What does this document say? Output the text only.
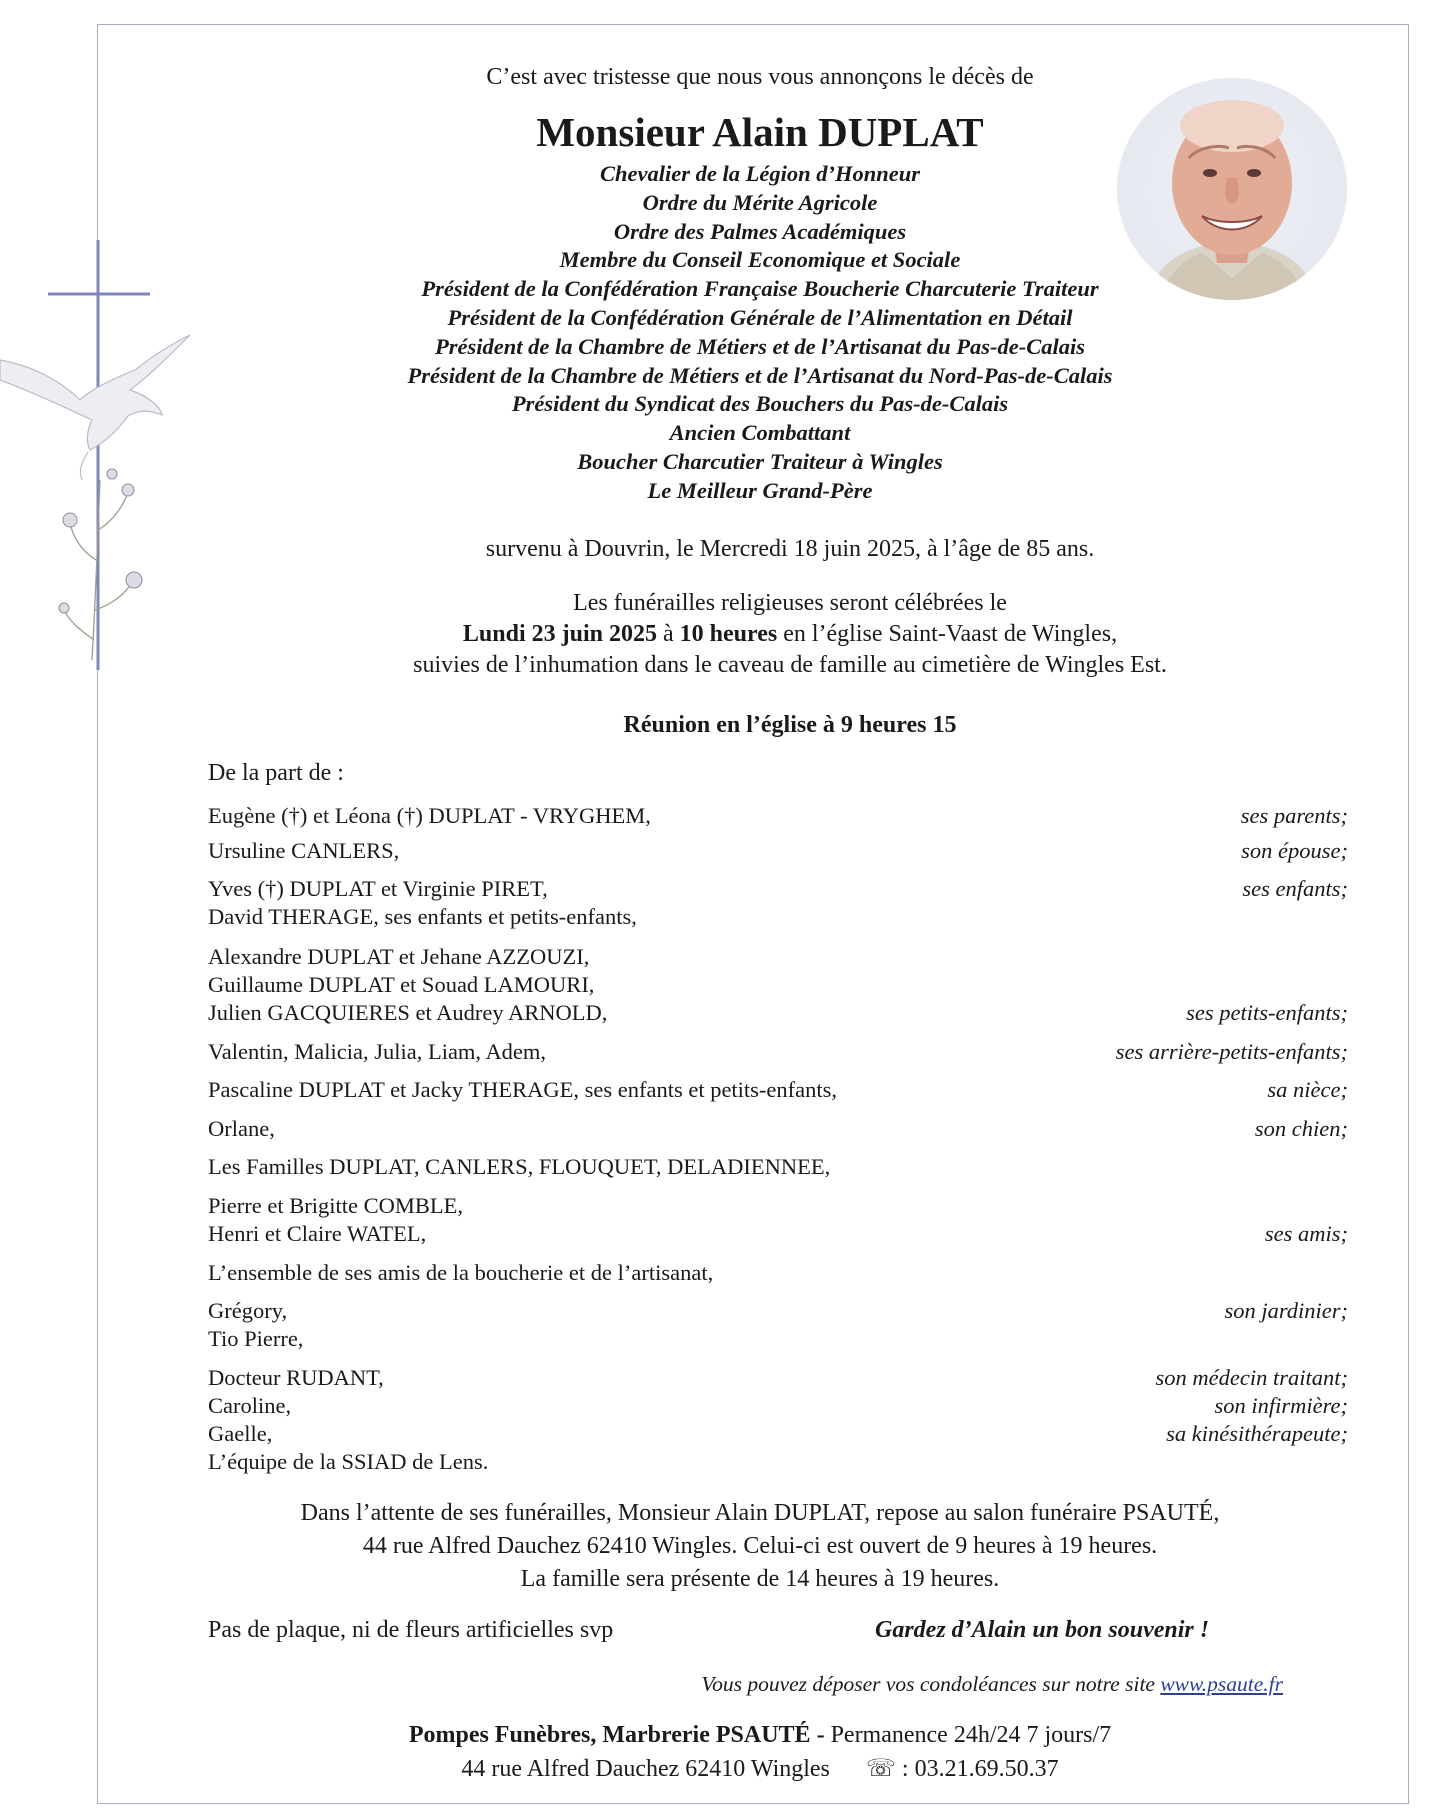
C’est avec tristesse que nous vous annonçons le décès de
Monsieur Alain DUPLAT
Chevalier de la Légion d’Honneur
Ordre du Mérite Agricole
Ordre des Palmes Académiques
Membre du Conseil Economique et Sociale
Président de la Confédération Française Boucherie Charcuterie Traiteur
Président de la Confédération Générale de l’Alimentation en Détail
Président de la Chambre de Métiers et de l’Artisanat du Pas-de-Calais
Président de la Chambre de Métiers et de l’Artisanat du Nord-Pas-de-Calais
Président du Syndicat des Bouchers du Pas-de-Calais
Ancien Combattant
Boucher Charcutier Traiteur à Wingles
Le Meilleur Grand-Père
survenu à Douvrin, le Mercredi 18 juin 2025, à l’âge de 85 ans.
Les funérailles religieuses seront célébrées le
Lundi 23 juin 2025 à 10 heures en l’église Saint-Vaast de Wingles,
suivies de l’inhumation dans le caveau de famille au cimetière de Wingles Est.
Réunion en l’église à 9 heures 15
De la part de :
Eugène (†) et Léona (†) DUPLAT - VRYGHEM,	ses parents;
Ursuline CANLERS,	son épouse;
Yves (†) DUPLAT et Virginie PIRET,	ses enfants;
David THERAGE, ses enfants et petits-enfants,
Alexandre DUPLAT et Jehane AZZOUZI,
Guillaume DUPLAT et Souad LAMOURI,
Julien GACQUIERES et Audrey ARNOLD,	ses petits-enfants;
Valentin, Malicia, Julia, Liam, Adem,	ses arrière-petits-enfants;
Pascaline DUPLAT et Jacky THERAGE, ses enfants et petits-enfants,	sa nièce;
Orlane,	son chien;
Les Familles DUPLAT, CANLERS, FLOUQUET, DELADIENNEE,
Pierre et Brigitte COMBLE,
Henri et Claire WATEL,	ses amis;
L’ensemble de ses amis de la boucherie et de l’artisanat,
Grégory,	son jardinier;
Tio Pierre,
Docteur RUDANT,	son médecin traitant;
Caroline,	son infirmière;
Gaelle,	sa kinésithérapeute;
L’équipe de la SSIAD de Lens.
Dans l’attente de ses funérailles, Monsieur Alain DUPLAT, repose au salon funéraire PSAUTÉ,
44 rue Alfred Dauchez 62410 Wingles. Celui-ci est ouvert de 9 heures à 19 heures.
La famille sera présente de 14 heures à 19 heures.
Pas de plaque, ni de fleurs artificielles svp	Gardez d’Alain un bon souvenir !
Vous pouvez déposer vos condoléances sur notre site www.psaute.fr
Pompes Funèbres, Marbrerie PSAUTÉ - Permanence 24h/24 7 jours/7
44 rue Alfred Dauchez 62410 Wingles ☏ : 03.21.69.50.37
